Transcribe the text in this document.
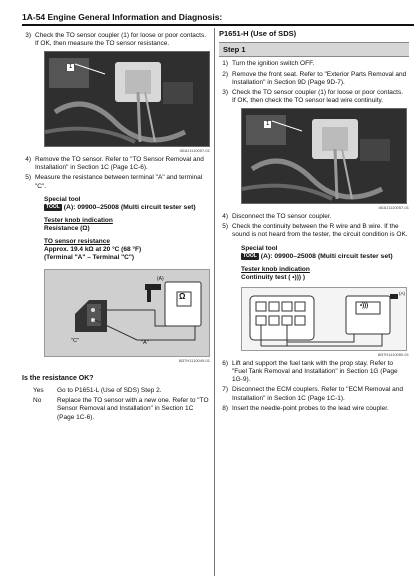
1A-54 Engine General Information and Diagnosis:
3) Check the TO sensor coupler (1) for loose or poor contacts.
If OK, then measure the TO sensor resistance.
1
I818J1110057-01
4) Remove the TO sensor. Refer to "TO Sensor Removal and Installation" in Section 1C (Page 1C-6).
5) Measure the resistance between terminal "A" and terminal "C".
Special tool
TOOL (A): 09900–25008 (Multi circuit tester set)
Tester knob indication
Resistance (Ω)
TO sensor resistance
Approx. 19.4 kΩ at 20 °C (68 °F)
(Terminal "A" – Terminal "C")
(A)
Ω
"C"	"A"
I837H1110049-01
Is the resistance OK?
Yes	Go to P1651-L (Use of SDS) Step 2.
No	Replace the TO sensor with a new one. Refer to "TO Sensor Removal and Installation" in Section 1C (Page 1C-6).
P1651-H (Use of SDS)
Step 1
1) Turn the ignition switch OFF.
2) Remove the front seat. Refer to "Exterior Parts Removal and Installation" in Section 9D (Page 9D-7).
3) Check the TO sensor coupler (1) for loose or poor contacts.
If OK, then check the TO sensor lead wire continuity.
1
I818J1110057-01
4) Disconnect the TO sensor coupler.
5) Check the continuity between the R wire and B wire. If the sound is not heard from the tester, the circuit condition is OK.
Special tool
TOOL (A): 09900–25008 (Multi circuit tester set)
Tester knob indication
Continuity test ( •))) )
(A)
•)))
I837H1110050-01
6) Lift and support the fuel tank with the prop stay. Refer to "Fuel Tank Removal and Installation" in Section 1G (Page 1G-9).
7) Disconnect the ECM couplers. Refer to "ECM Removal and Installation" in Section 1C (Page 1C-1).
8) Insert the needle-point probes to the lead wire coupler.
